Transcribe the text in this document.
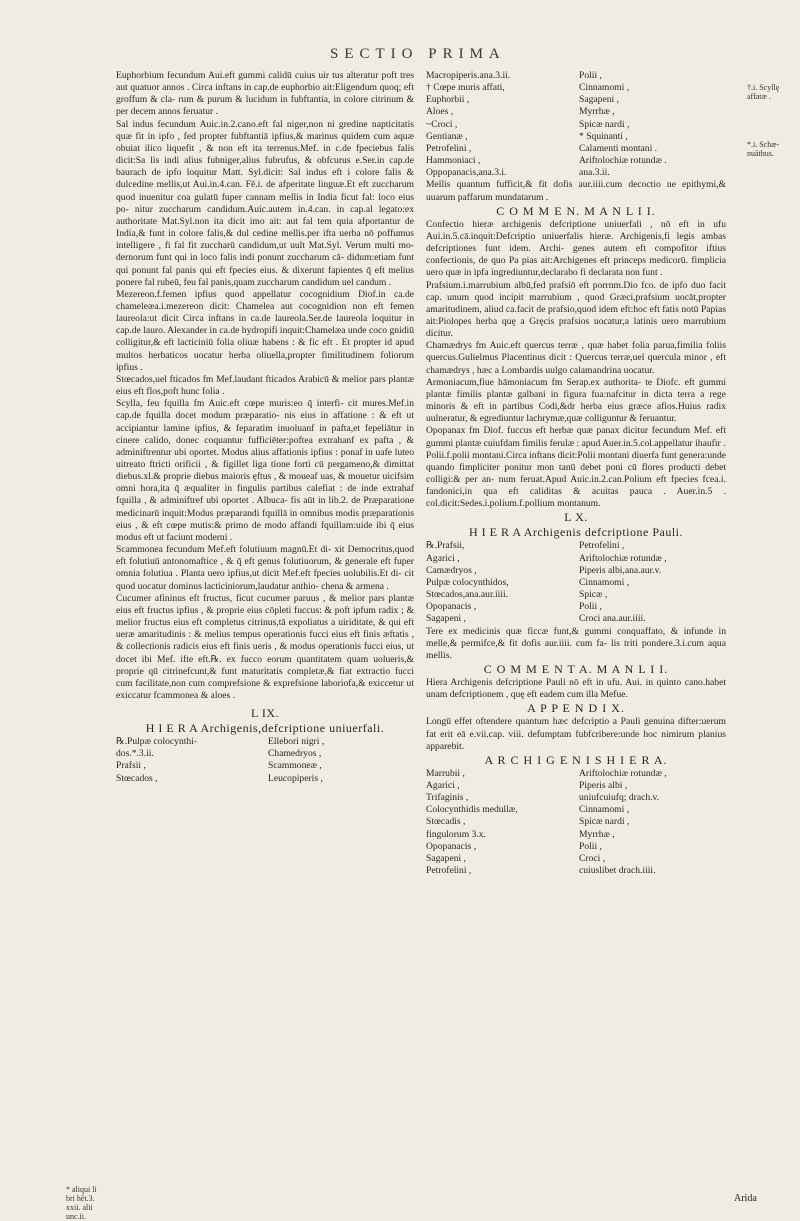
SECTIO PRIMA

Euphorbium fecundum Aui.eft gummi calidū cuius uir tus alteratur poft tres aut quatuor annos . Circa inftans in cap.de euphorbio ait:Eligendum quoq; eft groffum & cla- rum & purum & lucidum in fubftantia, in colore citrinum & per decem annos feruatur .

Sal indus fecundum Auic.in.2.cano.eft fal niger,non ni gredine napticitatis quæ fit in ipfo , fed propter fubftantiā ipfius,& marinus quidem cum aquæ obuiat ilico liquefit , & non eft ita terrenus.Mef. in c.de fpeciebus falis dicit:Sa lis indi alius fubniger,alius fubrufus, & obfcurus e.Ser.in cap.de baurach de ipfo loquitur Matt. Syl.dicit: Sal indus eft i colore falis & dulcedine mellis,ut Aui.in.4.can. Fē.i. de afperitate linguæ.Et eft zuccharum quod inuenitur coa gulatū fuper cannam mellis in India ficut fal: loco eius po- nitur zuccharum candidum.Auic.autem in.4.can. in cap.al legato:ex authoritate Mat.Syl.non ita dicit imo ait: aut fal tem quia afportantur de India,& funt in colore falis,& dul cedine mellis.per ifta uerba nō poffumus intelligere , fi fal fit zuccharū candidum,ut uult Mat.Syl. Verum multi mo- dernorum funt qui in loco falis indi ponunt zuccharum cā- didum:etiam funt qui ponunt fal panis qui eft fpecies eius. & dixerunt fapientes q̄ eft melius ponere fal rubeū, feu fal panis,quam zuccharum candidum uel candum .

Mezereon.f.femen ipfius quod appellatur cocognidium Diof.in ca.de chameleæa.i.mezereon dicit: Chamelea aut cocognidion non eft femen laureola:ut dicit Circa inftans in ca.de laureola.Ser.de laureola loquitur in cap.de lauro. Alexander in ca.de hydropifi inquit:Chamelæa unde coco gnidiū colligitur,& eft lacticiniū folia oliuæ habens : & fic eft . Et propter id apud multos herbaticos uocatur herba oliuella,propter fimilitudinem foliorum ipfius .

Stœcados,uel fticados fm Mef.laudant fticados Arabicū & melior pars plantæ eius eft flos,poft hunc folia .

Scylla, feu fquilla fm Auic.eft cœpe muris:eo q̄ interfi- cit mures.Mef.in cap.de fquilla docet modum præparatio- nis eius in affatione : & eft ut accipiantur lamine ipfius, & feparatim inuoluanf in pafta,et fepeliātur in cinere calido, donec coquantur fufficiēter:poftea extrahanf ex pafta , & adminiftrentur ubi oportet. Modus alius affationis ipfius : ponaf in uafe luteo uitreato ftricti orificii , & figillet liga tione forti cū pergameno,& dimittat diebus.xl.& proprie diebus maioris ęftus , & moueaf uas, & mouetur uicifsim omni hora,ita q̄ æqualiter in fingulis partibus calefiat : de inde extrahaf fquilla , & adminiftref ubi oportet . Albuca- fis aūt in lib.2. de Præparatione medicinarū inquit:Modus præparandi fquillā in omnibus modis præparationis eius , & eft cœpe mutis:& primo de modo affandi fquillam:uide ibi q̄ eius modus eft ut faciunt moderni .

Scammonea fecundum Mef.eft folutiuum magnū.Et di- xit Democritus,quod eft folutiuū antonomaftice , & q̄ eft genus folutiuorum, & generale eft fuper omnia folutiua . Planta uero ipfius,ut dicit Mef.eft fpecies uolubilis.Et di- cit quod uocatur dominus lacticiniorum,laudatur anthio- chena & armena .

Cucumer afininus eft fructus, ficut cucumer paruus , & melior pars plantæ eius eft fructus ipfius , & proprie eius cōpleti fuccus: & poft ipfum radix ; & melior fructus eius eft completus citrinus,tā expoliatus a uiriditate, & qui eft ueræ amaritudinis : & melius tempus operationis fucci eius eft finis æftatis , & collectionis radicis eius eft finis ueris , & modus operationis fucci eius, ut docet ibi Mef. ifte eft.℞. ex fucco eorum quantitatem quam uolueris,& proprie qū citrinefcunt,& funt maturitatis completæ,& fiat extractio fucci cum facilitate,non cum comprefsione & exprefsione laboriofa,& exiccetur ut exiccatur fcammonea & aloes .

L IX.
H I E R A Archigenis,defcriptione uniuerfali.
℞.Pulpæ colocynthi-	Ellebori nigri ,
dos.*.3.ii.	Chamedryos ,
Prafsii ,	Scammoneæ ,
Stœcados ,	Leucopiperis ,
Macropiperis.ana.3.ii.	Polii ,
† Cœpe muris affati,	Cinnamomi ,
Euphorbii ,	Sagapeni ,
Aloes ,	Myrrhæ ,
~Croci ,	Spicæ nardi ,
Gentianæ ,	* Squinanti ,
Petrofelini ,	Calamenti montani .
Hammoniaci ,	Ariftolochiæ rotundæ .
Oppopanacis,ana.3.i.	ana.3.ii.

Mellis quantum fufficit,& fit dofis aur.iiii.cum decoctio ne epithymi,& uuarum paffarum mundatarum .

C O M M E N. M A N L I I.

Confectio hieræ archigenis defcriptione uniuerfali , nō eft in ufu Aui.in.5.cā.inquit:Defcriptio uniuerfalis hieræ. Archigenis,fi legis ambas defcriptiones funt idem. Archi- genes autem eft compofitor iftius confectionis, de quo Pa pias ait:Archigenes eft princeps medicorū. fimplicia uero quæ in ipfa ingrediuntur,declarabo fi declarata non funt .

Prafsium.i.marrubium albū,fed prafsiō eft porrnm.Dio fco. de ipfo duo facit cap. unum quod incipit marrubium , quod Græci,prafsium uocāt,propter amaritudinem, aliud ca.facit de prafsio,quod idem eft:hoc eft fatis notū Papias ait:Piolopes herba quę a Gręcis prafsios uocatur,a latinis uero marrubium dicitur.

Chamædrys fm Auic.eft quercus terræ , quæ habet folia parua,fimilia foliis quercus.Gulielmus Placentinus dicit : Quercus terræ,uel quercula minor , eft chamædrys , hæc a Lombardis uulgo calamandrina uocatur.

Armoniacum,fiue hāmoniacum fm Serap.ex authorita- te Diofc. eft gummi plantæ fimilis plantæ galbani in figura fua:nafcitur in dicta terra a rege minoris & eft in partibus Codi,&dr herba eius græce afios.Huius radix uulneratur, & egrediuntur lachrymæ,quæ colliguntur & feruantur.

Opopanax fm Diof. fuccus eft herbæ quæ panax dicitur fecundum Mef. eft gummi plantæ cuiufdam fimilis ferulæ : apud Auer.in.5.col.appellatur ihaufir .

Polii.f.polii montani.Circa inftans dicit:Polii montani diuerfa funt genera:unde quando fimpliciter ponitur mon tanū debet poni cū flores producti debet colligi:& per an- num feruat.Apud Auic.in.2.can.Polium eft fpecies fcea.i. fandonici,in qua eft caliditas & acuitas pauca . Auer.in.5 . col.dicit:Sedes.i.polium.f.pollium montanum.

L X.
H I E R A Archigenis defcriptione Pauli.
℞.Prafsii,	Petrofelini ,
Agarici ,	Ariftolochiæ rotundæ ,
Camædryos ,	Piperis albi,ana.aur.v.
Pulpæ colocynthidos,	Cinnamomi ,
Stœcados,ana.aur.iiii.	Spicæ ,
Opopanacis ,	Polii ,
Sagapeni ,	Croci ana.aur.iiii.

Tere ex medicinis quæ ficcæ funt,& gummi conquaffato, & infunde in melle,& permifce,& fit dofis aur.iiii. cum fa- lis triti pondere.3.i.cum aqua mellis.

C O M M E N T A. M A N L I I.

Hiera Archigenis defcriptione Pauli nō eft in ufu. Aui. in quinto cano.habet unam defcriptionem , quę eft eadem cum illa Mefue.

A P P E N D I X.

Longū effet oftendere quantum hæc defcriptio a Pauli genuina difter:uerum fat erit eā e.vii.cap. viii. defumptam fubfcribere:unde hoc nimirum planius apparebit.

A R C H I G E N I S H I E R A.
Marrubii ,	Ariftolochiæ rotundæ ,
Agarici ,	Piperis albi ,
Trifaginis ,	uniufcuiufq; drach.v.
Colocynthidis medullæ,	Cinnamomi ,
Stœcadis ,	Spicæ nardi ,
fingulorum 3.x.	Myrrhæ ,
Opopanacis ,	Polii ,
Sagapeni ,	Croci ,
Petrofelini ,	cuiuslibet drach.iiii.
†.i. Scyllę affatæ .
*.i. Schæ- nuāthus.
* aliqui li
bri hēt.3.
xxii. alii unc.ii.
Arida
